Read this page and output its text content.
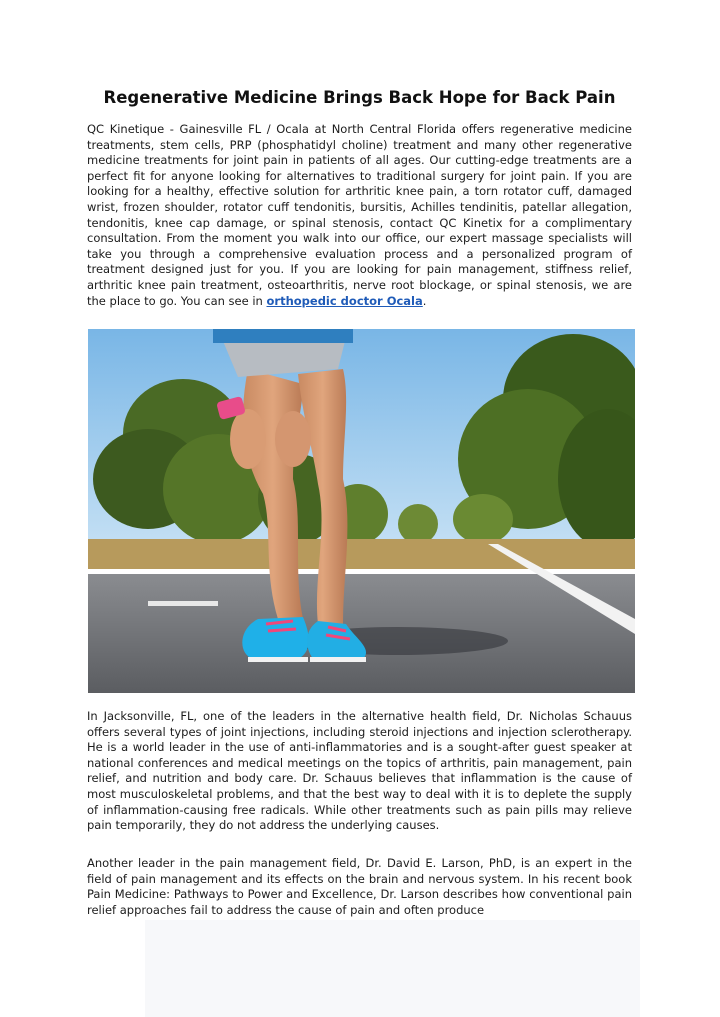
Regenerative Medicine Brings Back Hope for Back Pain

QC Kinetique - Gainesville FL / Ocala at North Central Florida offers regenerative medicine treatments, stem cells, PRP (phosphatidyl choline) treatment and many other regenerative medicine treatments for joint pain in patients of all ages. Our cutting-edge treatments are a perfect fit for anyone looking for alternatives to traditional surgery for joint pain. If you are looking for a healthy, effective solution for arthritic knee pain, a torn rotator cuff, damaged wrist, frozen shoulder, rotator cuff tendonitis, bursitis, Achilles tendinitis, patellar allegation, tendonitis, knee cap damage, or spinal stenosis, contact QC Kinetix for a complimentary consultation. From the moment you walk into our office, our expert massage specialists will take you through a comprehensive evaluation process and a personalized program of treatment designed just for you. If you are looking for pain management, stiffness relief, arthritic knee pain treatment, osteoarthritis, nerve root blockage, or spinal stenosis, we are the place to go. You can see in orthopedic doctor Ocala.

In Jacksonville, FL, one of the leaders in the alternative health field, Dr. Nicholas Schauus offers several types of joint injections, including steroid injections and injection sclerotherapy. He is a world leader in the use of anti-inflammatories and is a sought-after guest speaker at national conferences and medical meetings on the topics of arthritis, pain management, pain relief, and nutrition and body care. Dr. Schauus believes that inflammation is the cause of most musculoskeletal problems, and that the best way to deal with it is to deplete the supply of inflammation-causing free radicals. While other treatments such as pain pills may relieve pain temporarily, they do not address the underlying causes.

Another leader in the pain management field, Dr. David E. Larson, PhD, is an expert in the field of pain management and its effects on the brain and nervous system. In his recent book Pain Medicine: Pathways to Power and Excellence, Dr. Larson describes how conventional pain relief approaches fail to address the cause of pain and often produce
